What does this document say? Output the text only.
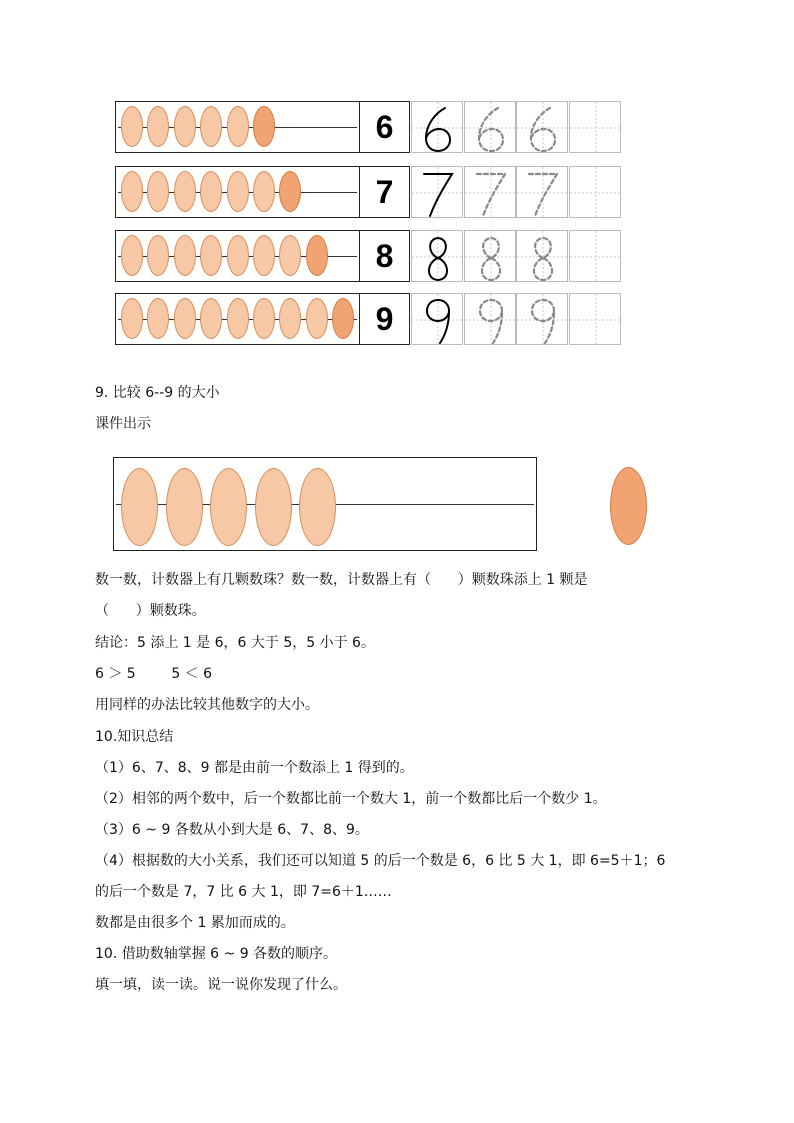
6
7
8
9
9. 比较 6--9 的大小
课件出示
数一数，计数器上有几颗数珠？数一数，计数器上有（      ）颗数珠添上 1 颗是
（      ）颗数珠。
结论：5 添上 1 是 6，6 大于 5，5 小于 6。
6 ＞ 5        5 ＜ 6
用同样的办法比较其他数字的大小。
10.知识总结
（1）6、7、8、9 都是由前一个数添上 1 得到的。
（2）相邻的两个数中，后一个数都比前一个数大 1，前一个数都比后一个数少 1。
（3）6 ~ 9 各数从小到大是 6、7、8、9。
（4）根据数的大小关系，我们还可以知道 5 的后一个数是 6，6 比 5 大 1，即 6=5＋1；6
的后一个数是 7，7 比 6 大 1，即 7=6＋1……
数都是由很多个 1 累加而成的。
10. 借助数轴掌握 6 ~ 9 各数的顺序。
填一填，读一读。说一说你发现了什么。
